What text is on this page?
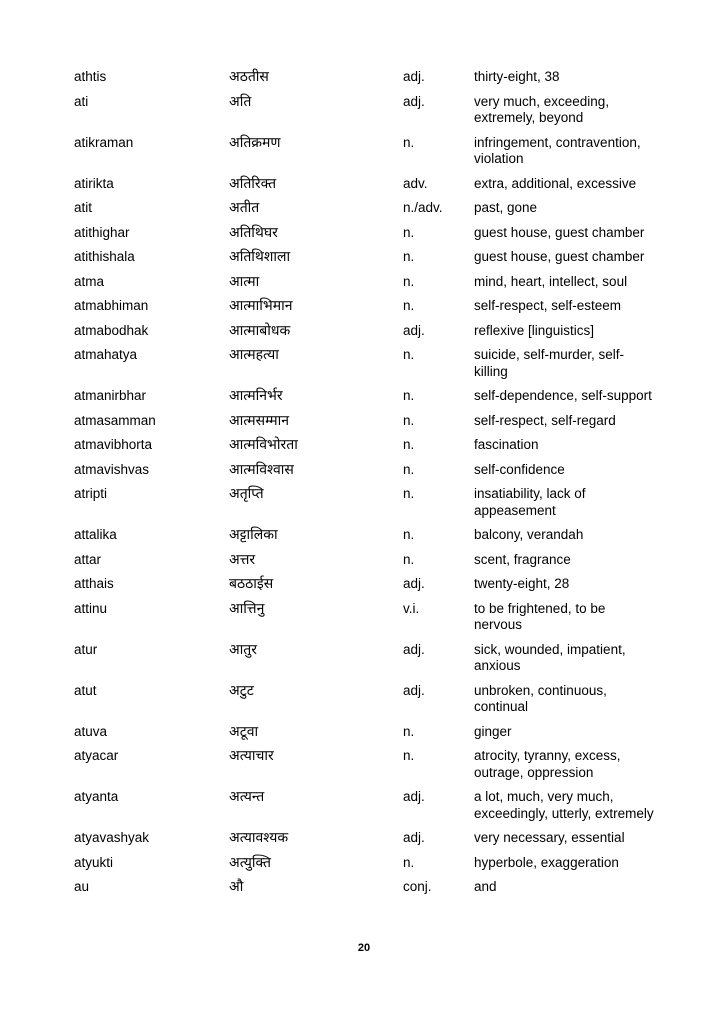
athtis	अठतीस	adj.	thirty-eight, 38
ati	अति	adj.	very much, exceeding, extremely, beyond
atikraman	अतिक्रमण	n.	infringement, contravention, violation
atirikta	अतिरिक्त	adv.	extra, additional, excessive
atit	अतीत	n./adv.	past, gone
atithighar	अतिथिघर	n.	guest house, guest chamber
atithishala	अतिथिशाला	n.	guest house, guest chamber
atma	आत्मा	n.	mind, heart, intellect, soul
atmabhiman	आत्माभिमान	n.	self-respect, self-esteem
atmabodhak	आत्माबोधक	adj.	reflexive [linguistics]
atmahatya	आत्महत्या	n.	suicide, self-murder, self-killing
atmanirbhar	आत्मनिर्भर	n.	self-dependence, self-support
atmasamman	आत्मसम्मान	n.	self-respect, self-regard
atmavibhorta	आत्मविभोरता	n.	fascination
atmavishvas	आत्मविश्वास	n.	self-confidence
atripti	अतृप्ति	n.	insatiability, lack of appeasement
attalika	अट्टालिका	n.	balcony, verandah
attar	अत्तर	n.	scent, fragrance
atthais	बठठाईस	adj.	twenty-eight, 28
attinu	आत्तिनु	v.i.	to be frightened, to be nervous
atur	आतुर	adj.	sick, wounded, impatient, anxious
atut	अटुट	adj.	unbroken, continuous, continual
atuva	अटूवा	n.	ginger
atyacar	अत्याचार	n.	atrocity, tyranny, excess, outrage, oppression
atyanta	अत्यन्त	adj.	a lot, much, very much, exceedingly, utterly, extremely
atyavashyak	अत्यावश्यक	adj.	very necessary, essential
atyukti	अत्युक्ति	n.	hyperbole, exaggeration
au	औ	conj.	and
20
